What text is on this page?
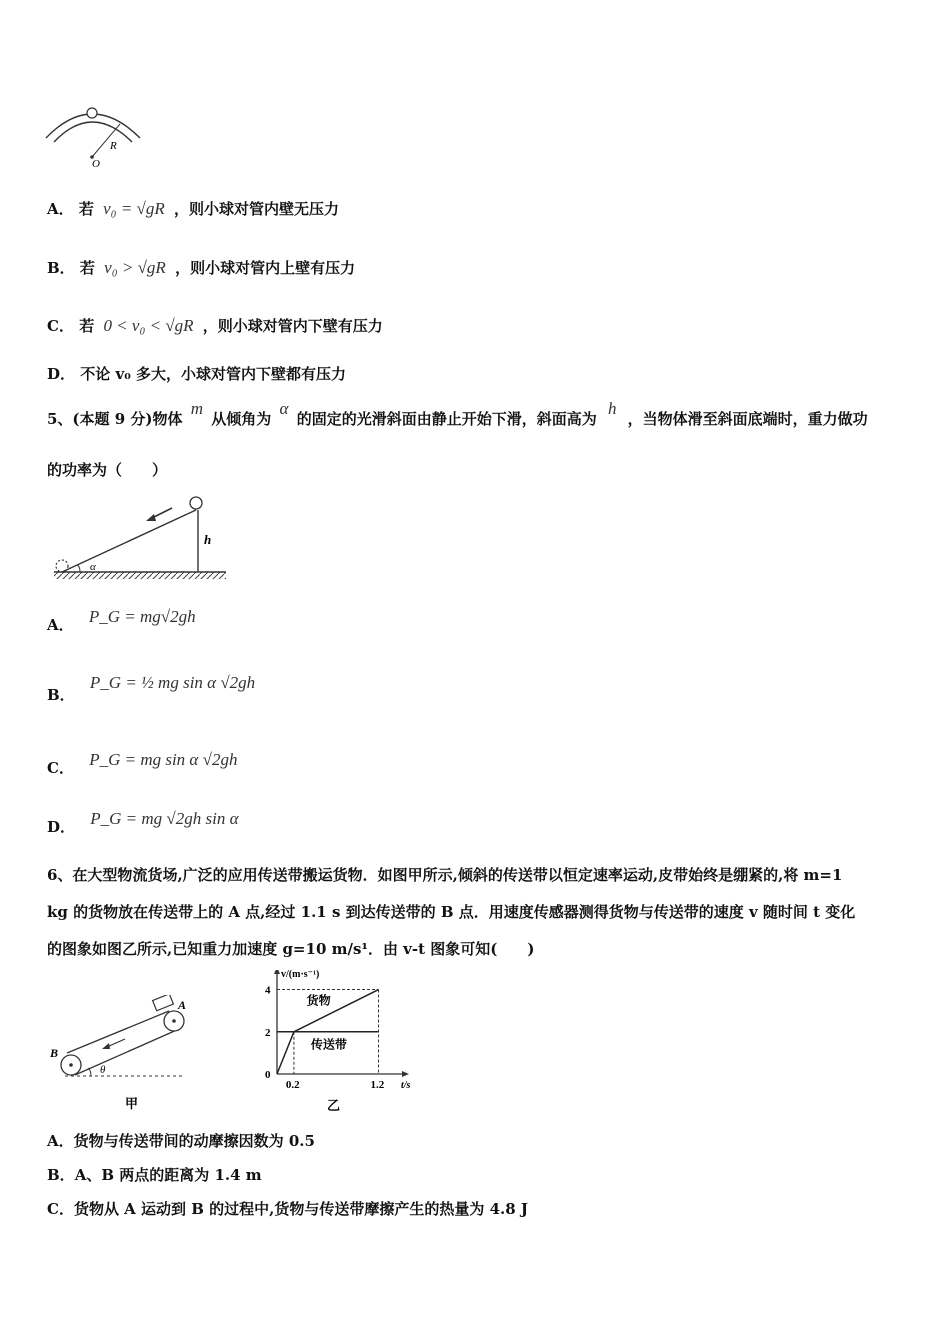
R
O
A． 若 v₀ = √gR ，则小球对管内壁无压力
B． 若 v₀ > √gR ，则小球对管内上壁有压力
C． 若 0 < v₀ < √gR ，则小球对管内下壁有压力
D． 不论 v₀ 多大，小球对管内下壁都有压力
5、(本题 9 分)物体 m 从倾角为 α 的固定的光滑斜面由静止开始下滑，斜面高为 h ，当物体滑至斜面底端时，重力做功
的功率为（　　）
α
h
A． P_G = mg√2gh
B． P_G = ½ mg sin α √2gh
C． P_G = mg sin α √2gh
D． P_G = mg √2gh sin α
6、在大型物流货场,广泛的应用传送带搬运货物．如图甲所示,倾斜的传送带以恒定速率运动,皮带始终是绷紧的,将 m=1
kg 的货物放在传送带上的 A 点,经过 1.1 s 到达传送带的 B 点．用速度传感器测得货物与传送带的速度 v 随时间 t 变化
的图象如图乙所示,已知重力加速度 g=10 m/s¹．由 v-t 图象可知(　　)
θ
A
B
甲
v/(m·s⁻¹)
t/s
0
2
4
0.2	1.2
货物
传送带
乙
A．货物与传送带间的动摩擦因数为 0.5
B．A、B 两点的距离为 1.4 m
C．货物从 A 运动到 B 的过程中,货物与传送带摩擦产生的热量为 4.8 J
